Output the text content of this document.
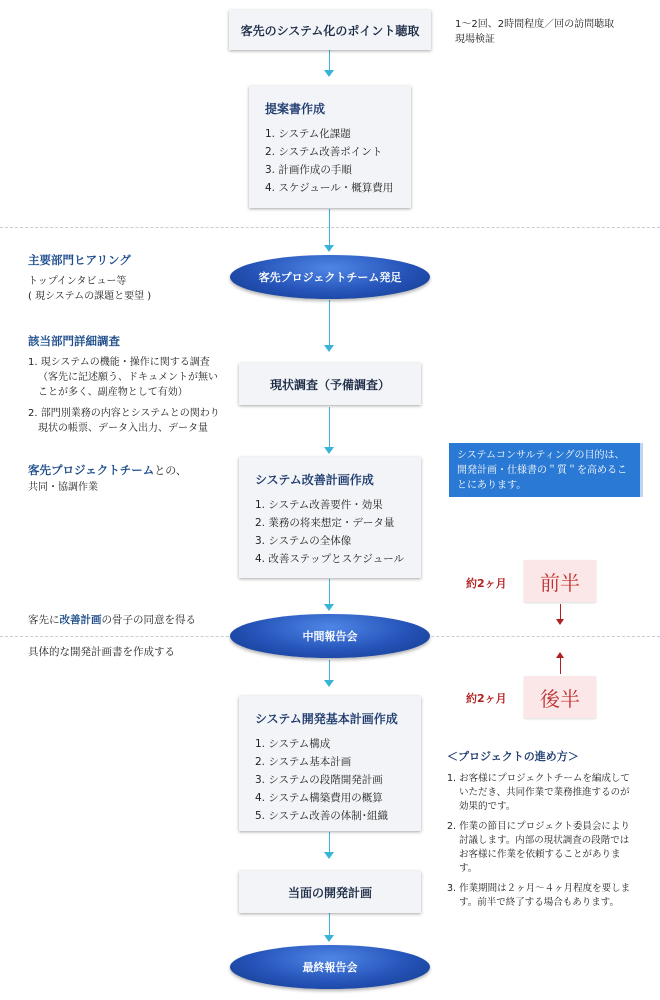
客先のシステム化のポイント聴取	1～2回、2時間程度／回の訪問聴取
現場検証
提案書作成
1. システム化課題
2. システム改善ポイント
3. 計画作成の手順
4. スケジュール・概算費用
客先プロジェクトチーム発足
主要部門ヒアリング
トップインタビュー等
( 現システムの課題と要望 )
該当部門詳細調査
1. 現システムの機能・操作に関する調査
（客先に記述願う、ドキュメントが無い
ことが多く、副産物として有効）
2. 部門別業務の内容とシステムとの関わり
現状の帳票、データ入出力、データ量
現状調査（予備調査）
客先プロジェクトチームとの、
共同・協調作業
システム改善計画作成
1. システム改善要件・効果
2. 業務の将来想定・データ量
3. システムの全体像
4. 改善ステップとスケジュール
システムコンサルティングの目的は、開発計画・仕様書の＂質＂を高めることにあります。
約2ヶ月 前半
約2ヶ月 後半
客先に改善計画の骨子の同意を得る
具体的な開発計画書を作成する
中間報告会
システム開発基本計画作成
1. システム構成
2. システム基本計画
3. システムの段階開発計画
4. システム構築費用の概算
5. システム改善の体制･組織
＜プロジェクトの進め方＞
1. お客様にプロジェクトチームを編成していただき、共同作業で業務推進するのが効果的です。
2. 作業の節目にプロジェクト委員会により討議します。内部の現状調査の段階ではお客様に作業を依頼することがあります。
3. 作業期間は２ヶ月～４ヶ月程度を要します。前半で終了する場合もあります。
当面の開発計画
最終報告会
